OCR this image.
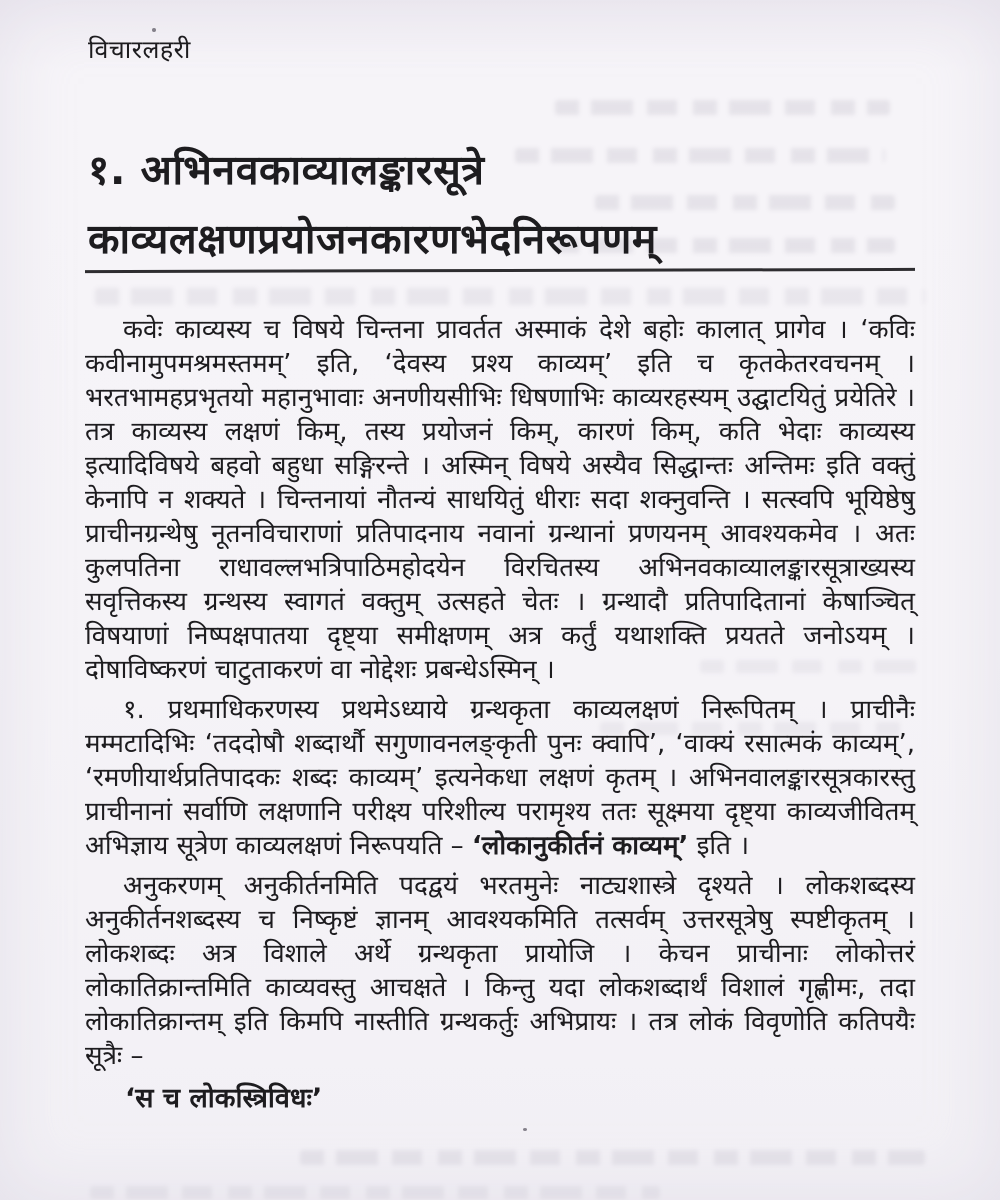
विचारलहरी
१. अभिनवकाव्यालङ्कारसूत्रे
काव्यलक्षणप्रयोजनकारणभेदनिरूपणम्

कवेः काव्यस्य च विषये चिन्तना प्रावर्तत अस्माकं देशे बहोः कालात् प्रागेव । ‘कविः कवीनामुपमश्रमस्तमम्’ इति, ‘देवस्य प्रश्य काव्यम्’ इति च कृतकेतरवचनम् । भरतभामहप्रभृतयो महानुभावाः अनणीयसीभिः धिषणाभिः काव्यरहस्यम् उद्घाटयितुं प्रयेतिरे । तत्र काव्यस्य लक्षणं किम्, तस्य प्रयोजनं किम्, कारणं किम्, कति भेदाः काव्यस्य इत्यादिविषये बहवो बहुधा सङ्गिरन्ते । अस्मिन् विषये अस्यैव सिद्धान्तः अन्तिमः इति वक्तुं केनापि न शक्यते । चिन्तनायां नौतन्यं साधयितुं धीराः सदा शक्नुवन्ति । सत्स्वपि भूयिष्ठेषु प्राचीनग्रन्थेषु नूतनविचाराणां प्रतिपादनाय नवानां ग्रन्थानां प्रणयनम् आवश्यकमेव । अतः कुलपतिना राधावल्लभत्रिपाठिमहोदयेन विरचितस्य अभिनवकाव्यालङ्कारसूत्राख्यस्य सवृत्तिकस्य ग्रन्थस्य स्वागतं वक्तुम् उत्सहते चेतः । ग्रन्थादौ प्रतिपादितानां केषाञ्चित् विषयाणां निष्पक्षपातया दृष्ट्या समीक्षणम् अत्र कर्तुं यथाशक्ति प्रयतते जनोऽयम् । दोषाविष्करणं चाटुताकरणं वा नोद्देशः प्रबन्धेऽस्मिन् ।

१. प्रथमाधिकरणस्य प्रथमेऽध्याये ग्रन्थकृता काव्यलक्षणं निरूपितम् । प्राचीनैः मम्मटादिभिः ‘तददोषौ शब्दार्थौ सगुणावनलङ्कृती पुनः क्वापि’, ‘वाक्यं रसात्मकं काव्यम्’, ‘रमणीयार्थप्रतिपादकः शब्दः काव्यम्’ इत्यनेकधा लक्षणं कृतम् । अभिनवालङ्कारसूत्रकारस्तु प्राचीनानां सर्वाणि लक्षणानि परीक्ष्य परिशील्य परामृश्य ततः सूक्ष्मया दृष्ट्या काव्यजीवितम् अभिज्ञाय सूत्रेण काव्यलक्षणं निरूपयति – ‘लोकानुकीर्तनं काव्यम्’ इति ।

अनुकरणम् अनुकीर्तनमिति पदद्वयं भरतमुनेः नाट्यशास्त्रे दृश्यते । लोकशब्दस्य अनुकीर्तनशब्दस्य च निष्कृष्टं ज्ञानम् आवश्यकमिति तत्सर्वम् उत्तरसूत्रेषु स्पष्टीकृतम् । लोकशब्दः अत्र विशाले अर्थे ग्रन्थकृता प्रायोजि । केचन प्राचीनाः लोकोत्तरं लोकातिक्रान्तमिति काव्यवस्तु आचक्षते । किन्तु यदा लोकशब्दार्थं विशालं गृह्णीमः, तदा लोकातिक्रान्तम् इति किमपि नास्तीति ग्रन्थकर्तुः अभिप्रायः । तत्र लोकं विवृणोति कतिपयैः सूत्रैः –

‘स च लोकस्त्रिविधः’
